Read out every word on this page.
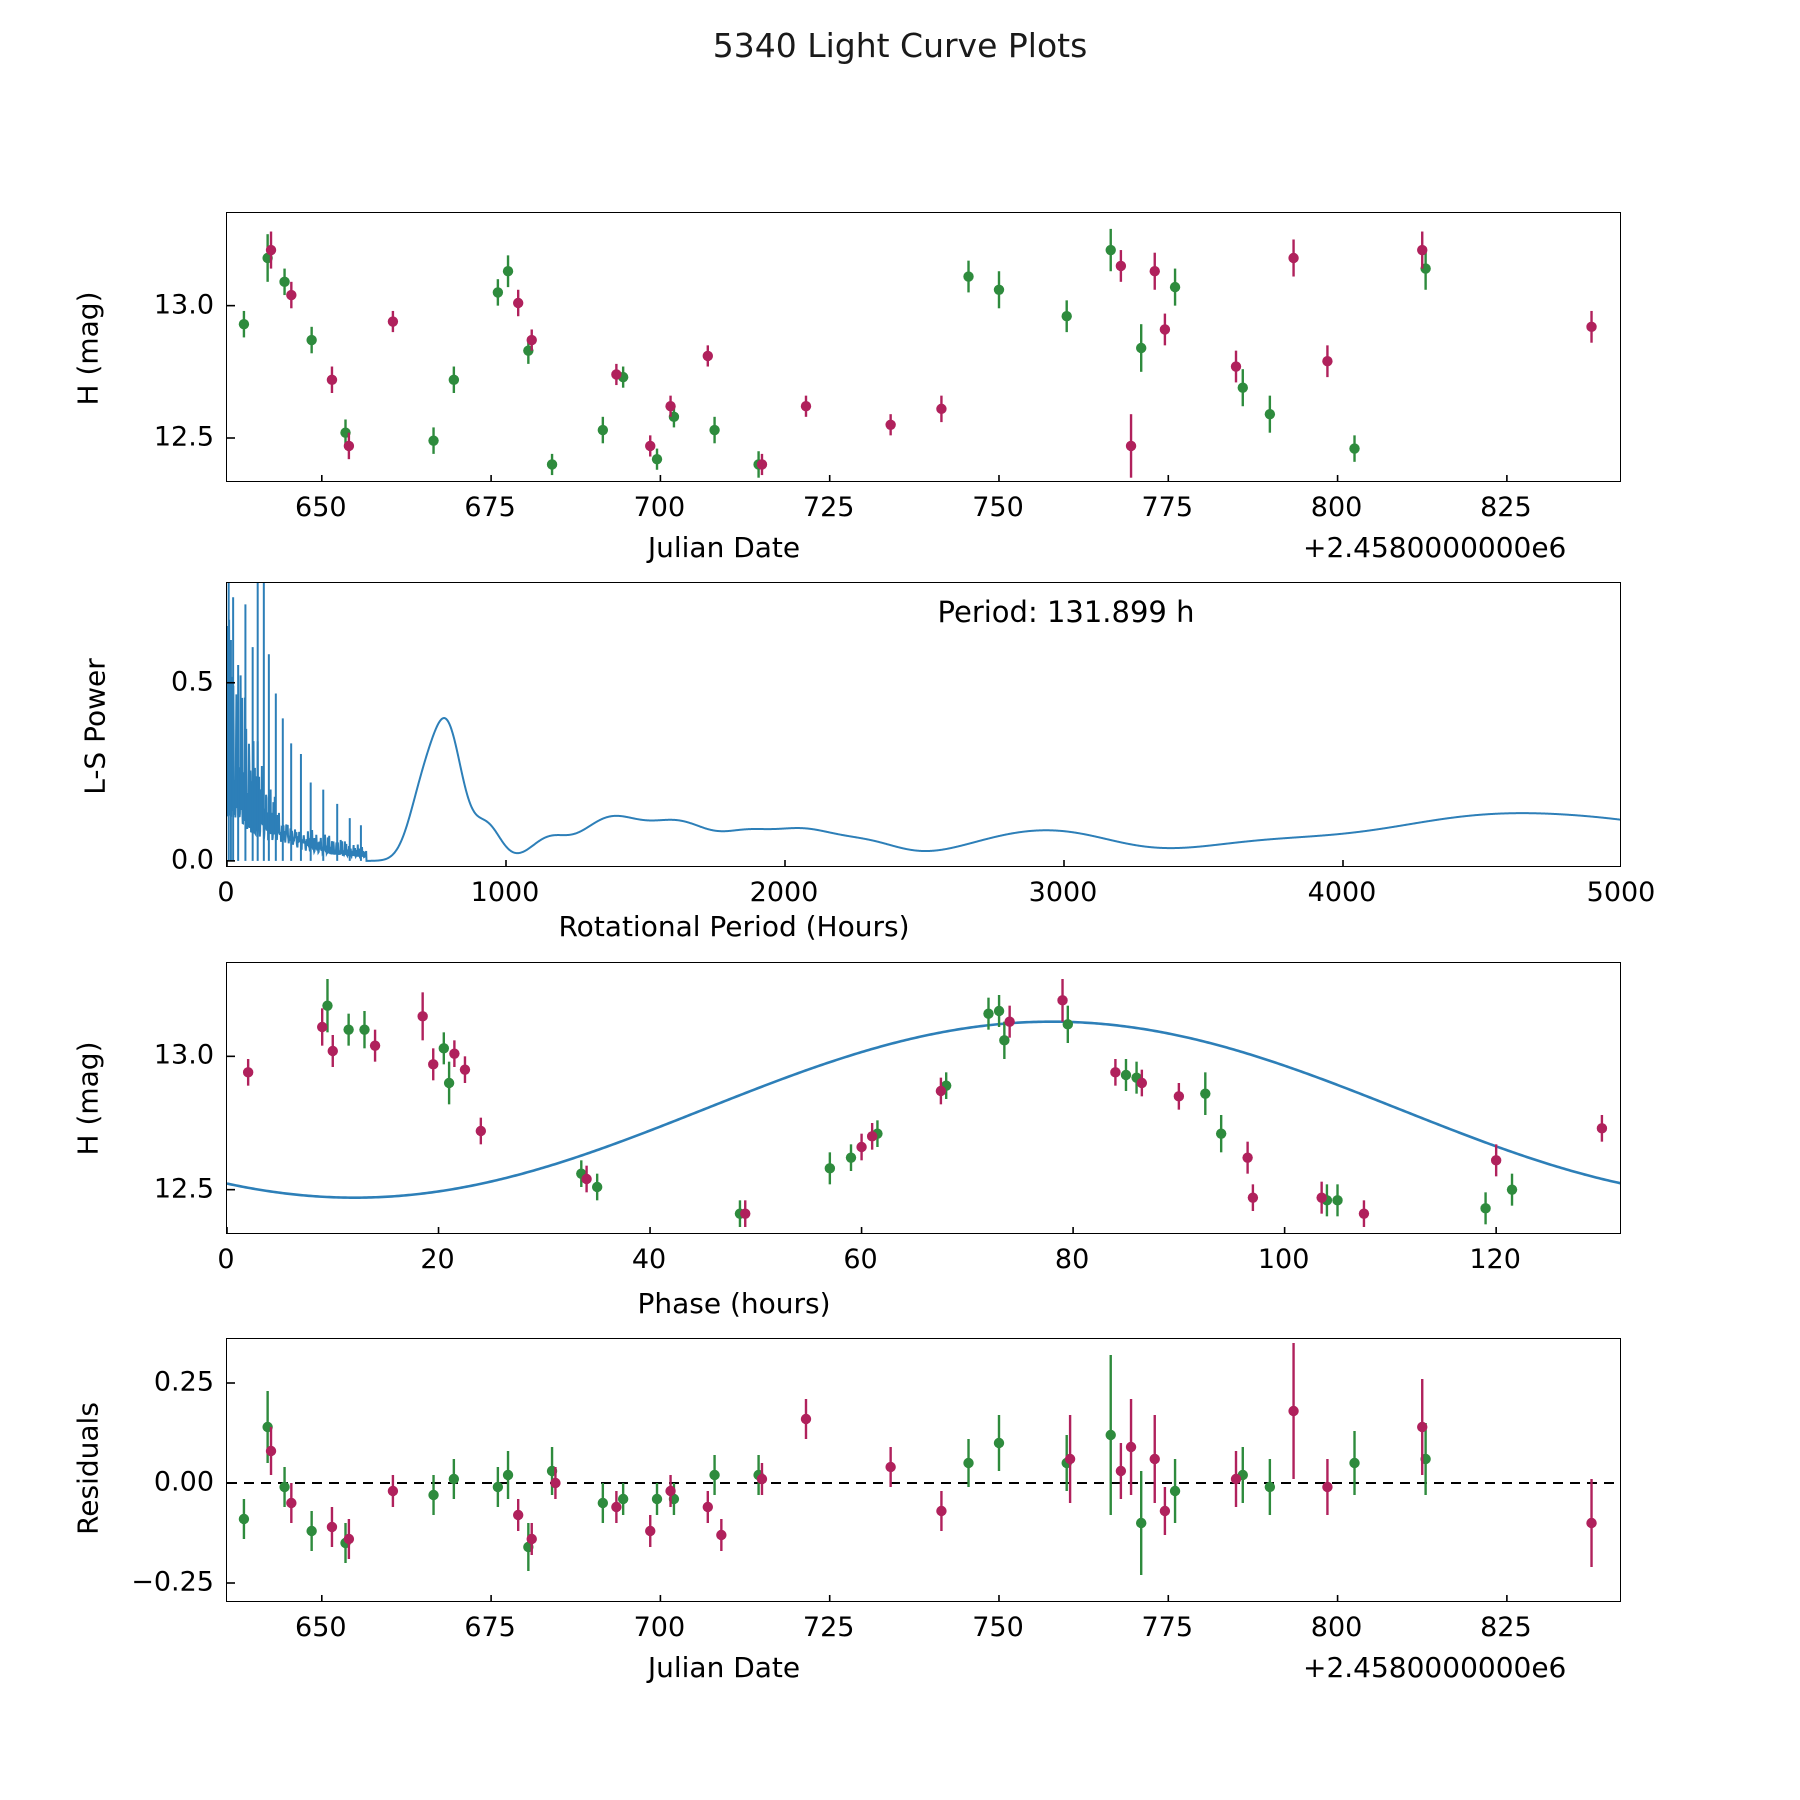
5340 Light Curve Plots
H (mag)
Julian Date	+2.4580000000e6
Period: 131.899 h
L-S Power
Rotational Period (Hours)
H (mag)
Phase (hours)
Residuals
Julian Date	+2.4580000000e6
650	675	700	725	750	775	800	825
12.5
13.0
0	1000	2000	3000	4000	5000
0.0
0.5
0	20	40	60	80	100	120
12.5
13.0
650	675	700	725	750	775	800	825
−0.25
0.00
0.25
